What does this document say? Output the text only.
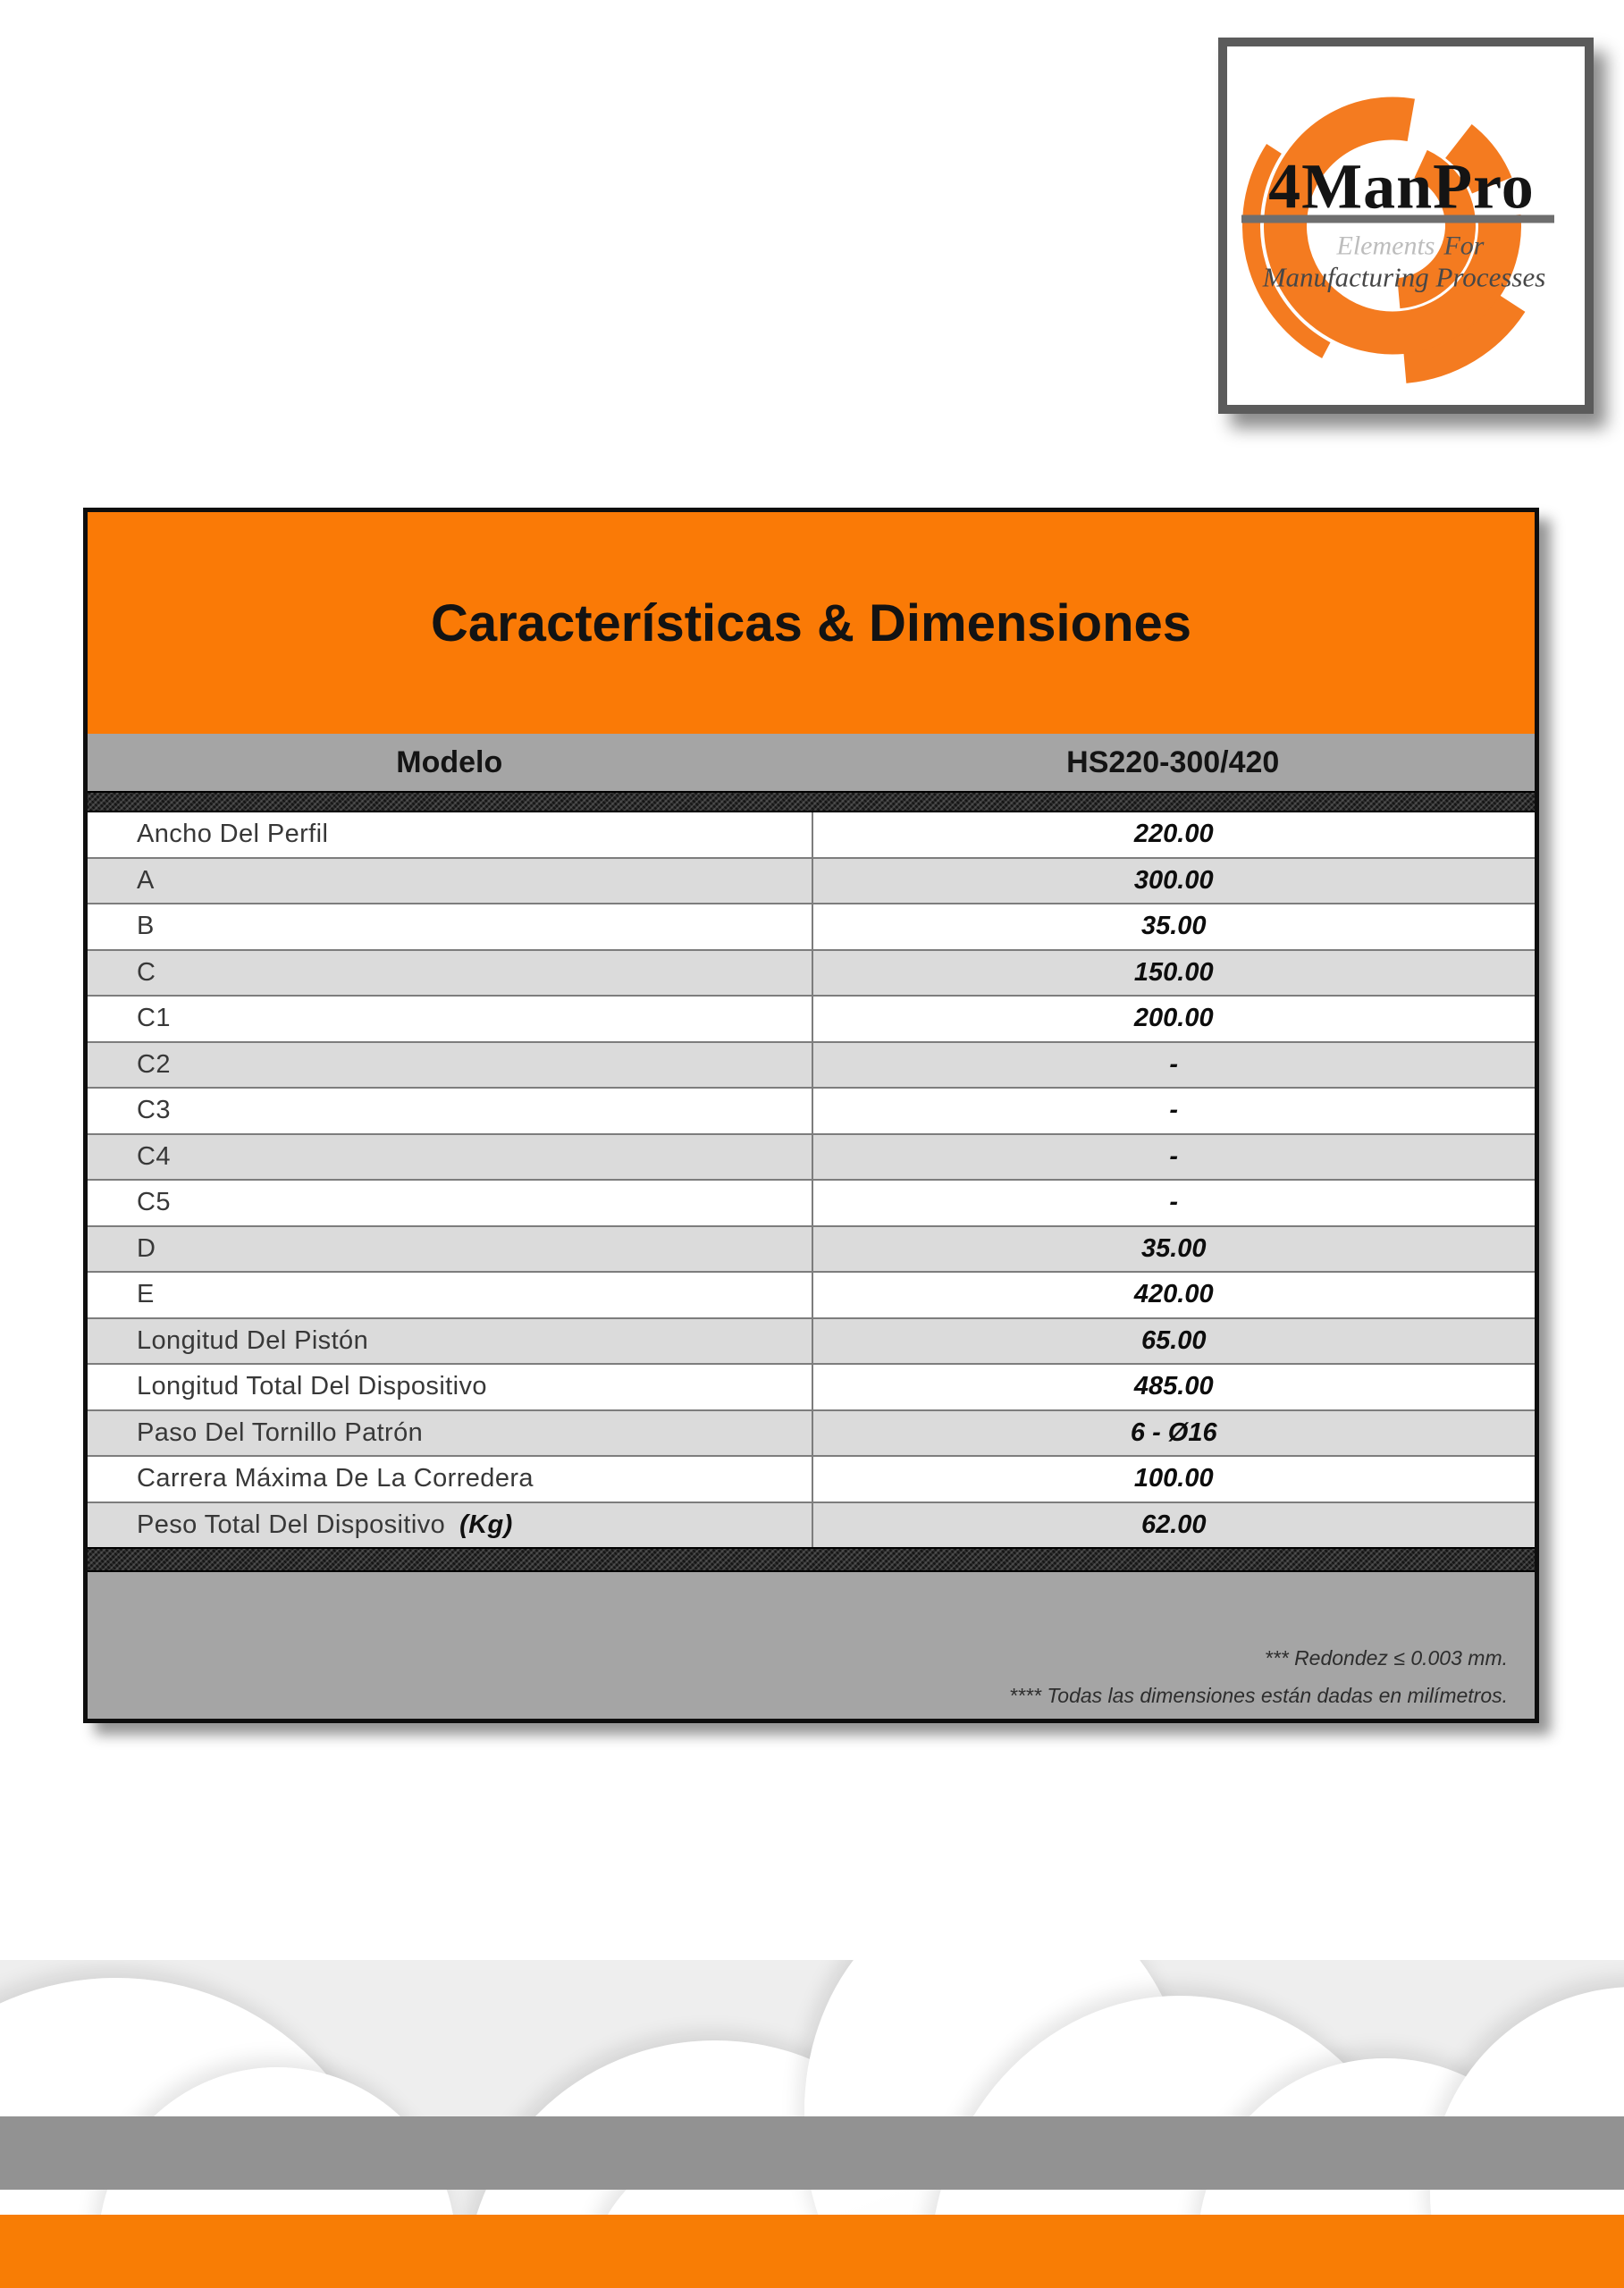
4ManPro
Elements For
Manufacturing Processes
Características & Dimensiones
Modelo	HS220-300/420
Ancho Del Perfil	220.00
A	300.00
B	35.00
C	150.00
C1	200.00
C2	-
C3	-
C4	-
C5	-
D	35.00
E	420.00
Longitud Del Pistón	65.00
Longitud Total Del Dispositivo	485.00
Paso Del Tornillo Patrón	6 - Ø16
Carrera Máxima De La Corredera	100.00
Peso Total Del Dispositivo (Kg)	62.00
*** Redondez ≤ 0.003 mm.
**** Todas las dimensiones están dadas en milímetros.
